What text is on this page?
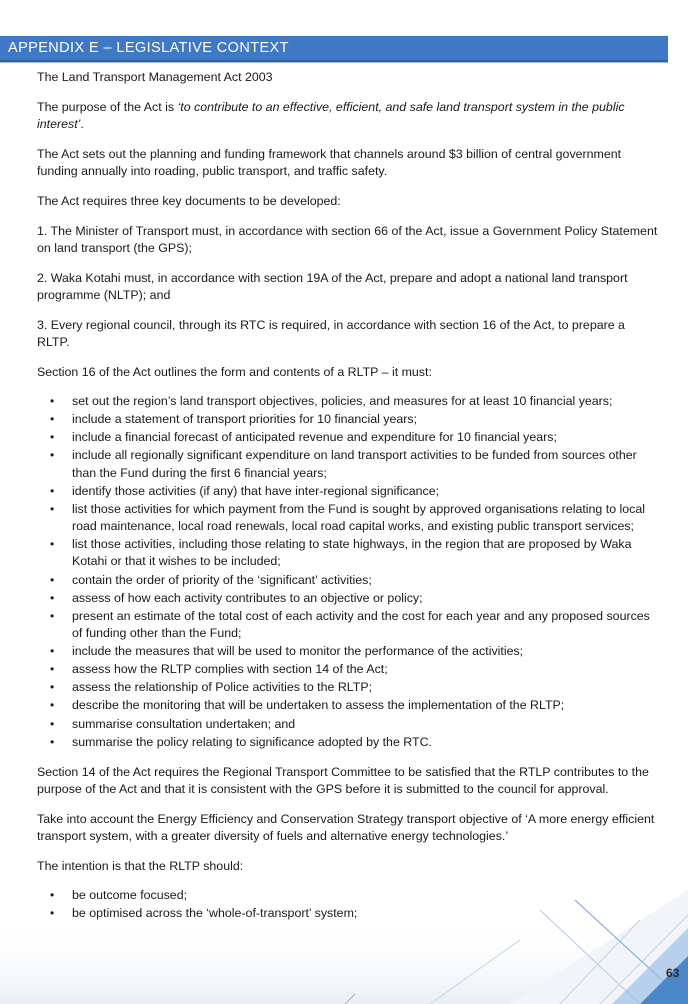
APPENDIX E – LEGISLATIVE CONTEXT

The Land Transport Management Act 2003

The purpose of the Act is ‘to contribute to an effective, efficient, and safe land transport system in the public interest’.

The Act sets out the planning and funding framework that channels around $3 billion of central government funding annually into roading, public transport, and traffic safety.

The Act requires three key documents to be developed:

1. The Minister of Transport must, in accordance with section 66 of the Act, issue a Government Policy Statement on land transport (the GPS);

2. Waka Kotahi must, in accordance with section 19A of the Act, prepare and adopt a national land transport programme (NLTP); and

3. Every regional council, through its RTC is required, in accordance with section 16 of the Act, to prepare a RLTP.

Section 16 of the Act outlines the form and contents of a RLTP – it must:

• set out the region’s land transport objectives, policies, and measures for at least 10 financial years;
• include a statement of transport priorities for 10 financial years;
• include a financial forecast of anticipated revenue and expenditure for 10 financial years;
• include all regionally significant expenditure on land transport activities to be funded from sources other than the Fund during the first 6 financial years;
• identify those activities (if any) that have inter-regional significance;
• list those activities for which payment from the Fund is sought by approved organisations relating to local road maintenance, local road renewals, local road capital works, and existing public transport services;
• list those activities, including those relating to state highways, in the region that are proposed by Waka Kotahi or that it wishes to be included;
• contain the order of priority of the ‘significant’ activities;
• assess of how each activity contributes to an objective or policy;
• present an estimate of the total cost of each activity and the cost for each year and any proposed sources of funding other than the Fund;
• include the measures that will be used to monitor the performance of the activities;
• assess how the RLTP complies with section 14 of the Act;
• assess the relationship of Police activities to the RLTP;
• describe the monitoring that will be undertaken to assess the implementation of the RLTP;
• summarise consultation undertaken; and
• summarise the policy relating to significance adopted by the RTC.

Section 14 of the Act requires the Regional Transport Committee to be satisfied that the RTLP contributes to the purpose of the Act and that it is consistent with the GPS before it is submitted to the council for approval.

Take into account the Energy Efficiency and Conservation Strategy transport objective of ‘A more energy efficient transport system, with a greater diversity of fuels and alternative energy technologies.’

The intention is that the RLTP should:

• be outcome focused;
• be optimised across the ‘whole-of-transport’ system;
63
